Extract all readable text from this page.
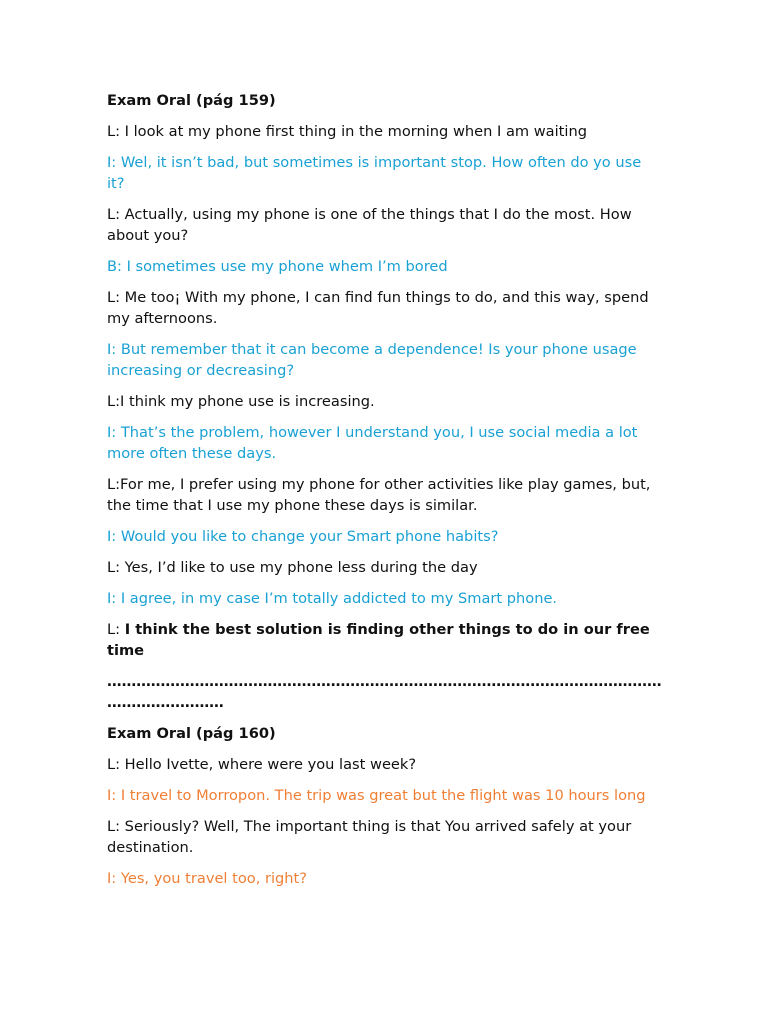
Exam Oral (pág 159)

L: I look at my phone first thing in the morning when I am waiting

I: Wel, it isn’t bad, but sometimes is important stop. How often do yo use it?

L: Actually, using my phone is one of the things that I do the most. How about you?

B: I sometimes use my phone whem I’m bored

L: Me too¡ With my phone, I can find fun things to do, and this way, spend my afternoons.

I: But remember that it can become a dependence! Is your phone usage increasing or decreasing?

L:I think my phone use is increasing.

I: That’s the problem, however I understand you, I use social media a lot more often these days.

L:For me, I prefer using my phone for other activities like play games, but, the time that I use my phone these days is similar.

I: Would you like to change your Smart phone habits?

L: Yes, I’d like to use my phone less during the day

I: I agree, in my case I’m totally addicted to my Smart phone.

L: I think the best solution is finding other things to do in our free time

…………………………………………………………………………………………………………………………

Exam Oral (pág 160)

L: Hello Ivette, where were you last week?

I: I travel to Morropon. The trip was great but the flight was 10 hours long

L: Seriously? Well, The important thing is that You arrived safely at your destination.

I: Yes, you travel too, right?
